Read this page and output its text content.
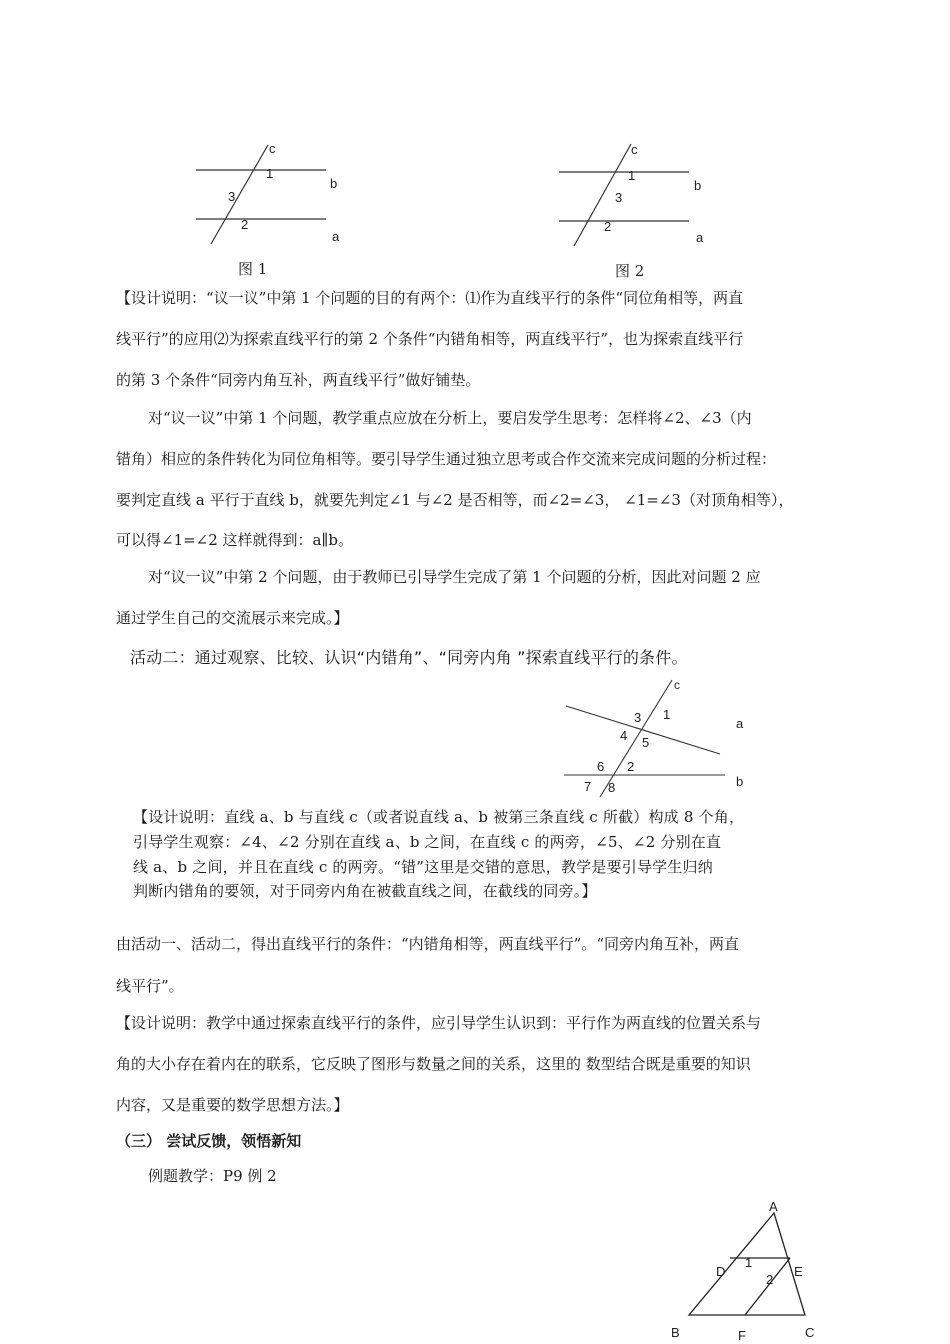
c
1
3
2
b
a
图 1
c
1
3
2
b
a
图 2
【设计说明：“议一议”中第 1 个问题的目的有两个：⑴作为直线平行的条件“同位角相等，两直
线平行”的应用⑵为探索直线平行的第 2 个条件“内错角相等，两直线平行”，也为探索直线平行
的第 3 个条件“同旁内角互补，两直线平行”做好铺垫。
对“议一议”中第 1 个问题，教学重点应放在分析上，要启发学生思考：怎样将∠2、∠3（内
错角）相应的条件转化为同位角相等。要引导学生通过独立思考或合作交流来完成问题的分析过程：
要判定直线 a 平行于直线 b，就要先判定∠1 与∠2 是否相等，而∠2=∠3， ∠1=∠3（对顶角相等），
可以得∠1=∠2 这样就得到：a∥b。
对“议一议”中第 2 个问题，由于教师已引导学生完成了第 1 个问题的分析，因此对问题 2 应
通过学生自己的交流展示来完成。】
活动二：通过观察、比较、认识“内错角”、“同旁内角 ”探索直线平行的条件。
c
a
b
1
3
4 5
6 2
7 8
【设计说明：直线 a、b 与直线 c（或者说直线 a、b 被第三条直线 c 所截）构成 8 个角，
引导学生观察：∠4、∠2 分别在直线 a、b 之间，在直线 c 的两旁，∠5、∠2 分别在直
线 a、b 之间，并且在直线 c 的两旁。“错”这里是交错的意思，教学是要引导学生归纳
判断内错角的要领，对于同旁内角在被截直线之间，在截线的同旁。】
由活动一、活动二，得出直线平行的条件：“内错角相等，两直线平行”。“同旁内角互补，两直
线平行”。
【设计说明：教学中通过探索直线平行的条件，应引导学生认识到：平行作为两直线的位置关系与
角的大小存在着内在的联系，它反映了图形与数量之间的关系，这里的 数型结合既是重要的知识
内容，又是重要的数学思想方法。】
（三） 尝试反馈，领悟新知
例题教学：P9 例 2
A
D	E
1
2
B	F	C
